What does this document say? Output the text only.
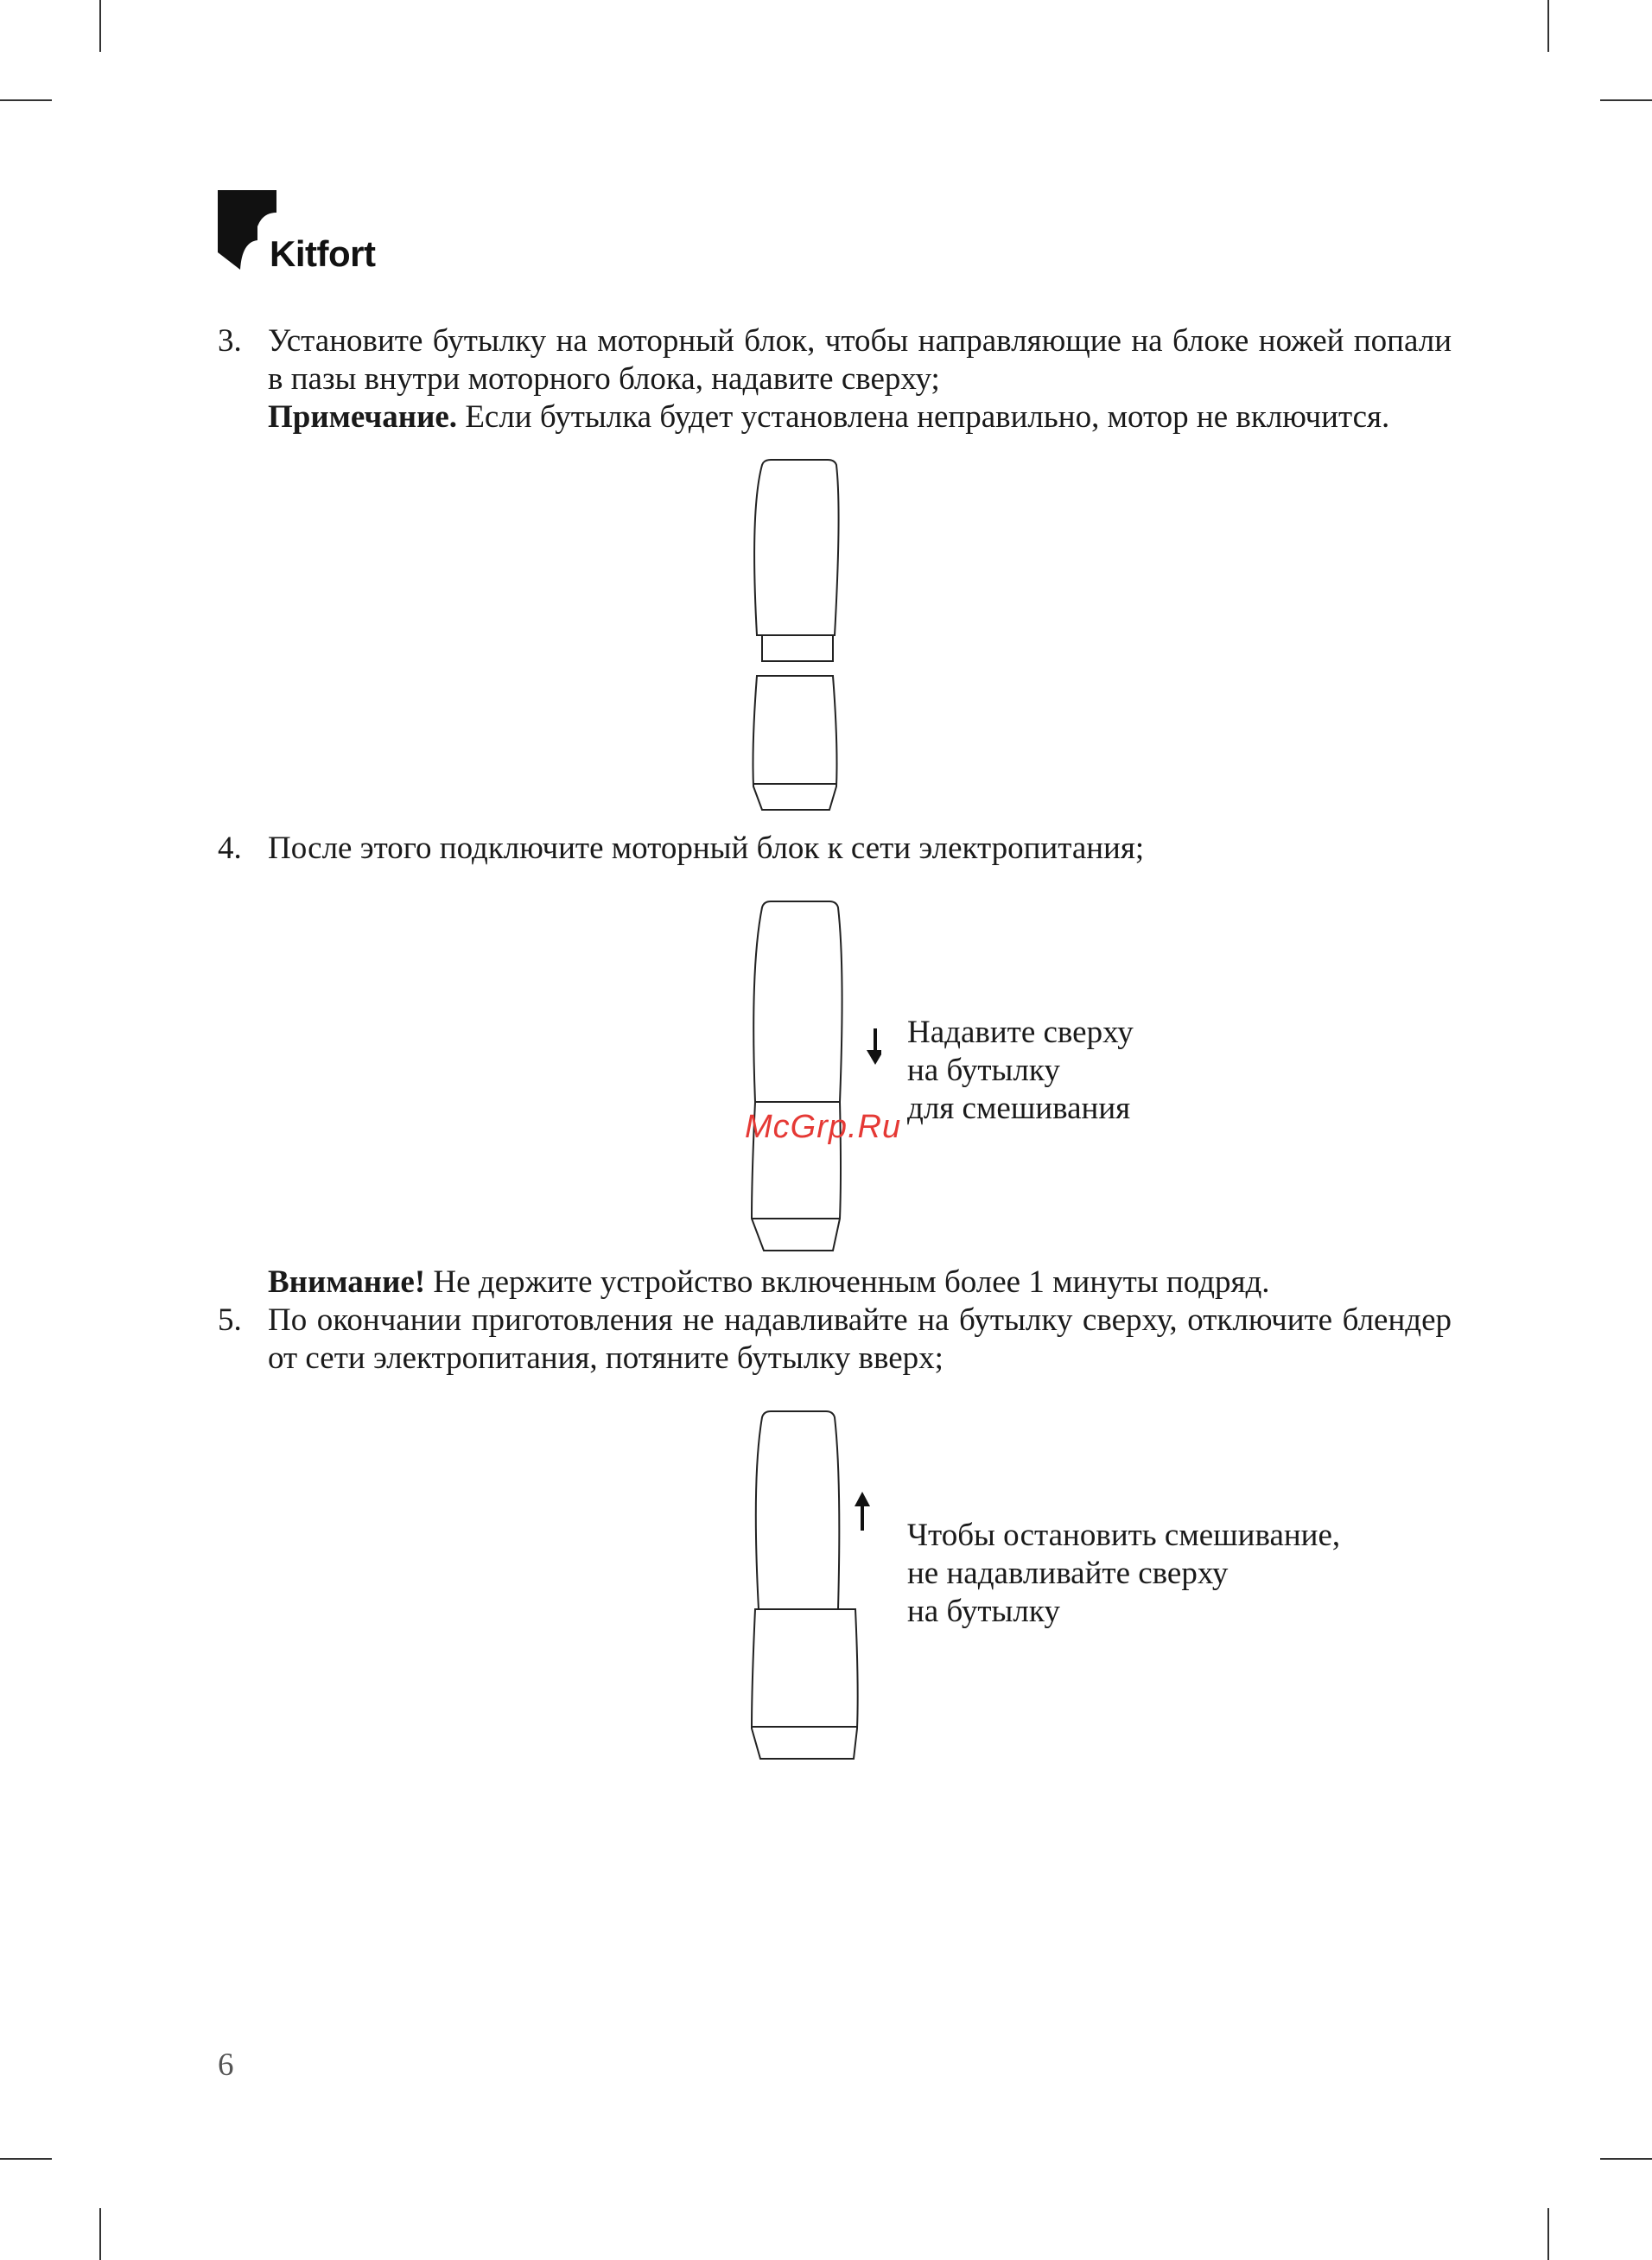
Kitfort
3. Установите бутылку на моторный блок, чтобы направляющие на блоке ножей попали в пазы внутри моторного блока, надавите сверху;
Примечание. Если бутылка будет установлена неправильно, мотор не включится.
4. После этого подключите моторный блок к сети электропитания;
Надавите сверху
на бутылку
для смешивания
McGrp.Ru
Внимание! Не держите устройство включенным более 1 минуты подряд.
5. По окончании приготовления не надавливайте на бутылку сверху, отключите блендер от сети электропитания, потяните бутылку вверх;
Чтобы остановить смешивание,
не надавливайте сверху
на бутылку
6
